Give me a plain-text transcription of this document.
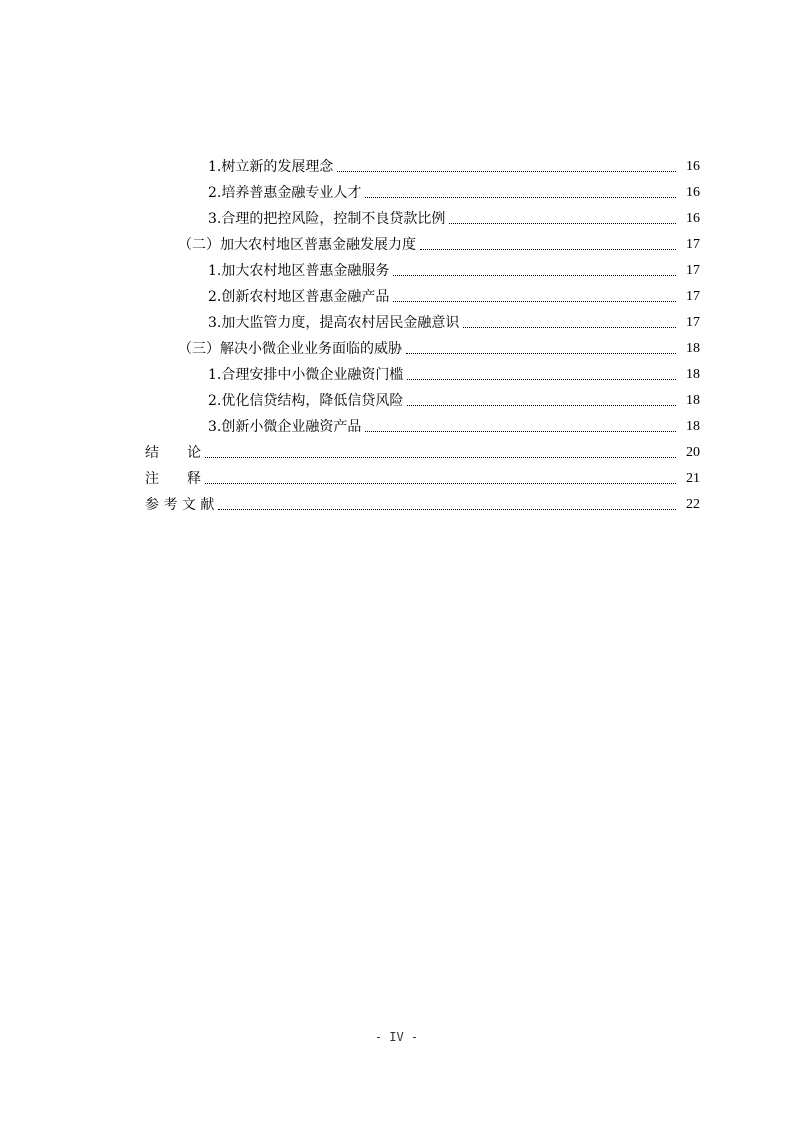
1.树立新的发展理念	16
2.培养普惠金融专业人才	16
3.合理的把控风险，控制不良贷款比例	16
（二）加大农村地区普惠金融发展力度	17
1.加大农村地区普惠金融服务	17
2.创新农村地区普惠金融产品	17
3.加大监管力度，提高农村居民金融意识	17
（三）解决小微企业业务面临的威胁	18
1.合理安排中小微企业融资门槛	18
2.优化信贷结构，降低信贷风险	18
3.创新小微企业融资产品	18
结　　论	20
注　　释	21
参 考 文 献	22
- IV -
